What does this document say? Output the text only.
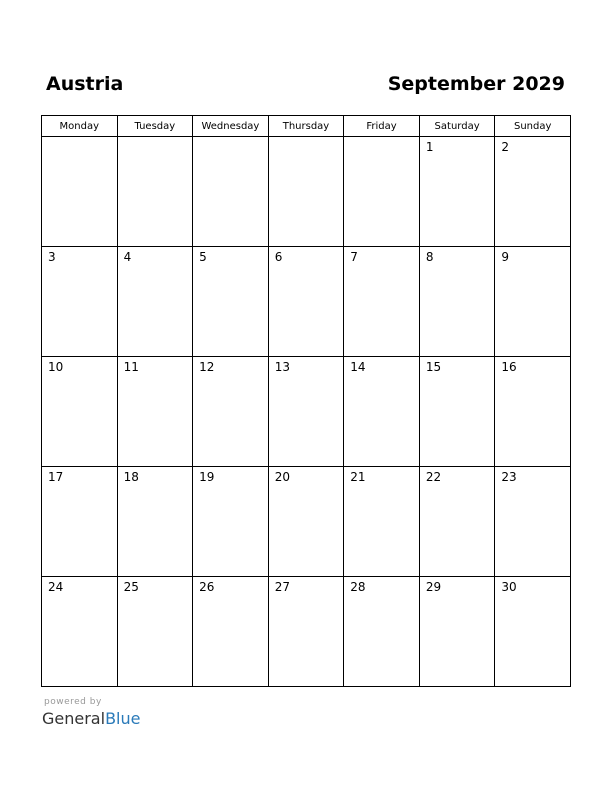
Austria	September 2029
Monday	Tuesday	Wednesday	Thursday	Friday	Saturday	Sunday

					1	2

3	4	5	6	7	8	9

10	11	12	13	14	15	16

17	18	19	20	21	22	23

24	25	26	27	28	29	30
powered by
GeneralBlue
